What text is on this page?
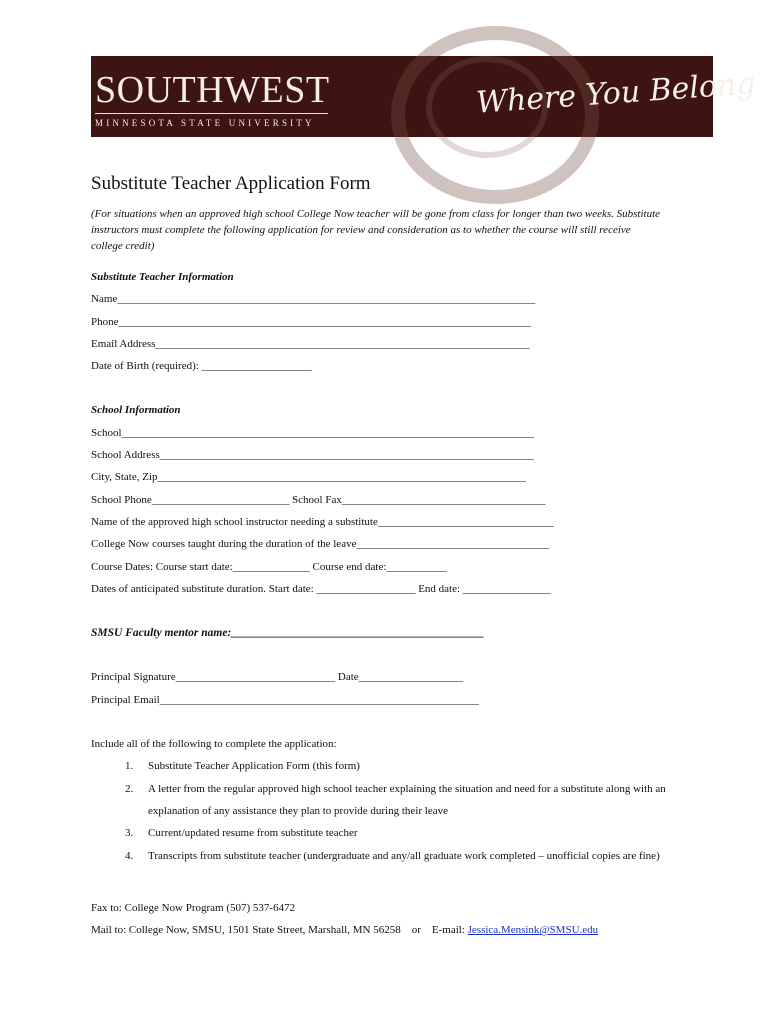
SOUTHWEST
MINNESOTA STATE UNIVERSITY
Where You Belong
Substitute Teacher Application Form

(For situations when an approved high school College Now teacher will be gone from class for longer than two weeks. Substitute instructors must complete the following application for review and consideration as to whether the course will still receive college credit)

Substitute Teacher Information
Name____________________________________________________________________________
Phone___________________________________________________________________________
Email Address____________________________________________________________________
Date of Birth (required): ____________________
School Information
School___________________________________________________________________________
School Address____________________________________________________________________
City, State, Zip___________________________________________________________________
School Phone_________________________ School Fax_____________________________________
Name of the approved high school instructor needing a substitute________________________________
College Now courses taught during the duration of the leave___________________________________
Course Dates: Course start date:______________ Course end date:___________
Dates of anticipated substitute duration. Start date: __________________ End date: ________________
SMSU Faculty mentor name:____________________________________________
Principal Signature_____________________________ Date___________________
Principal Email__________________________________________________________
Include all of the following to complete the application:
1. Substitute Teacher Application Form (this form)
2. A letter from the regular approved high school teacher explaining the situation and need for a substitute along with an explanation of any assistance they plan to provide during their leave
3. Current/updated resume from substitute teacher
4. Transcripts from substitute teacher (undergraduate and any/all graduate work completed – unofficial copies are fine)
Fax to: College Now Program (507) 537-6472
Mail to: College Now, SMSU, 1501 State Street, Marshall, MN 56258    or    E-mail: Jessica.Mensink@SMSU.edu
